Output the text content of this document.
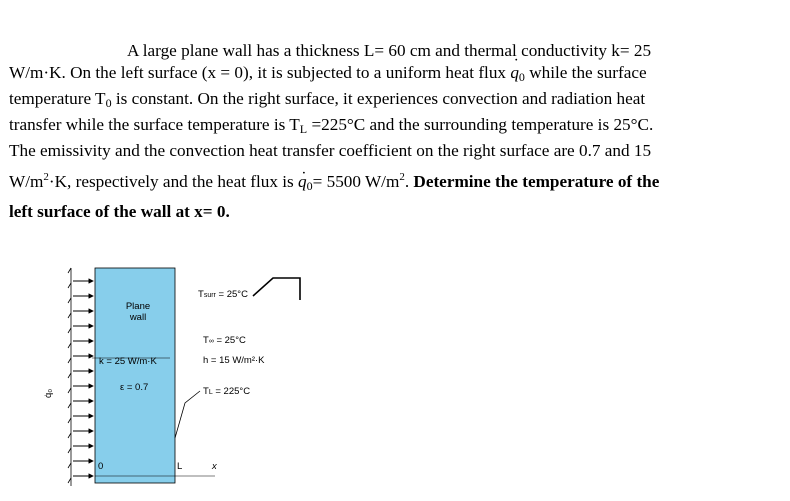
A large plane wall has a thickness L= 60 cm and thermal conductivity k= 25
W/m·K. On the left surface (x = 0), it is subjected to a uniform heat flux q $˙_0$ while the surface
temperature $T_0$ is constant. On the right surface, it experiences convection and radiation heat
transfer while the surface temperature is $T_L =225^\circ C$ and the surrounding temperature is 25°C.
The emissivity and the convection heat transfer coefficient on the right surface are 0.7 and 15
$W/m^2\cdot K$, respectively and the heat flux is q $˙_0= 5500$ $W/m^2$. Determine the temperature of the
left surface of the wall at x= 0.

Plane
wall
k = 25 W/m·K
ε = 0.7
q̇₀
Tsurr = 25°C
T∞ = 25°C
h = 15 W/m²·K
TL = 225°C
0	L	x
